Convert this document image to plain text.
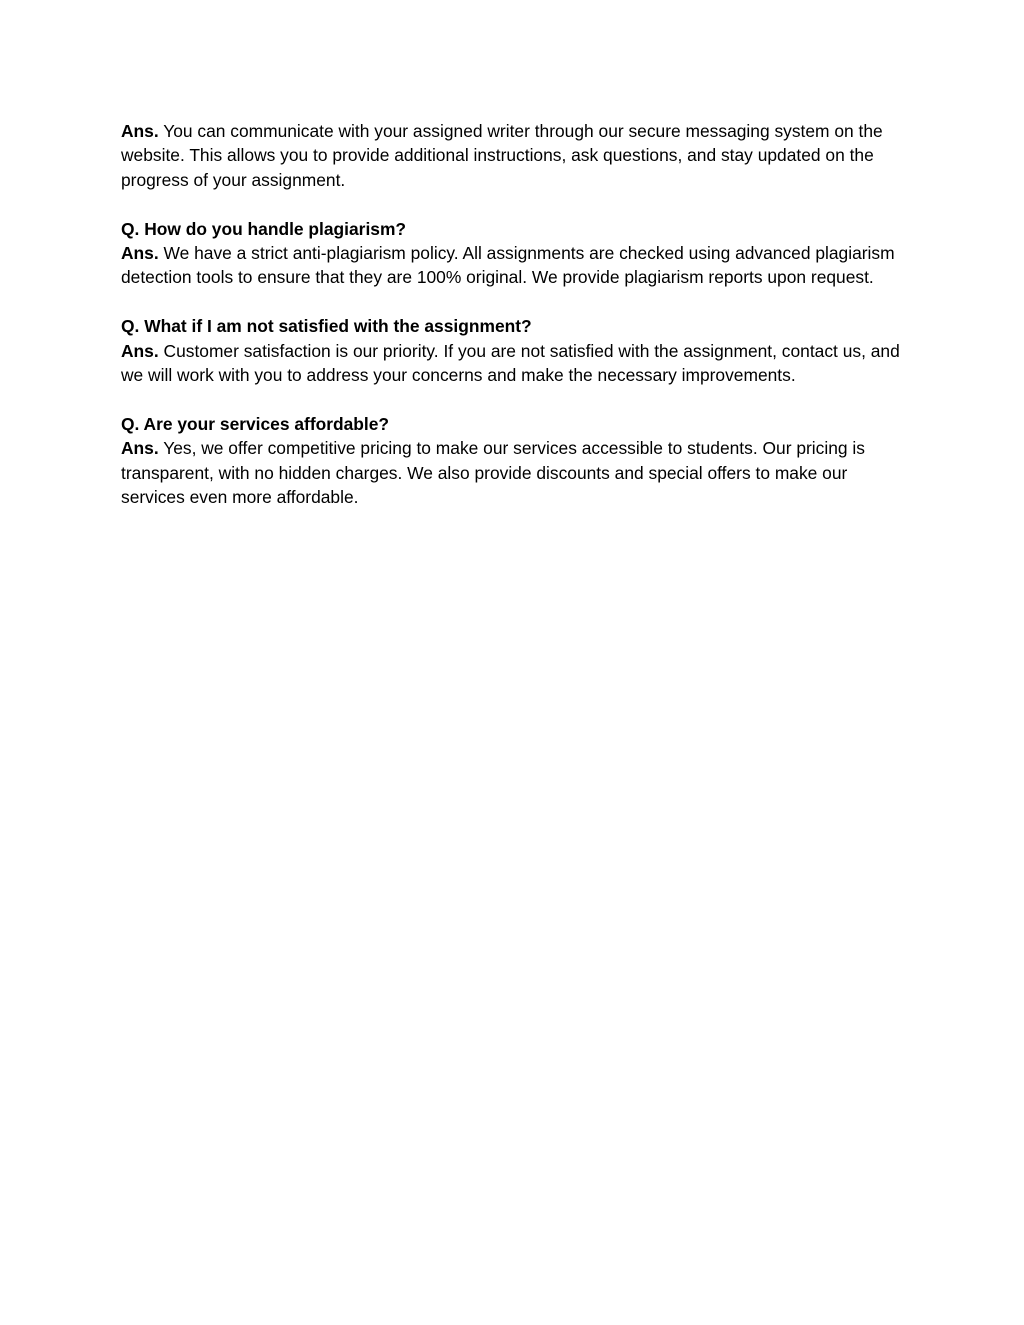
Ans. You can communicate with your assigned writer through our secure messaging system on the website. This allows you to provide additional instructions, ask questions, and stay updated on the progress of your assignment.

Q. How do you handle plagiarism?

Ans. We have a strict anti-plagiarism policy. All assignments are checked using advanced plagiarism detection tools to ensure that they are 100% original. We provide plagiarism reports upon request.

Q. What if I am not satisfied with the assignment?

Ans. Customer satisfaction is our priority. If you are not satisfied with the assignment, contact us, and we will work with you to address your concerns and make the necessary improvements.

Q. Are your services affordable?

Ans. Yes, we offer competitive pricing to make our services accessible to students. Our pricing is transparent, with no hidden charges. We also provide discounts and special offers to make our services even more affordable.
